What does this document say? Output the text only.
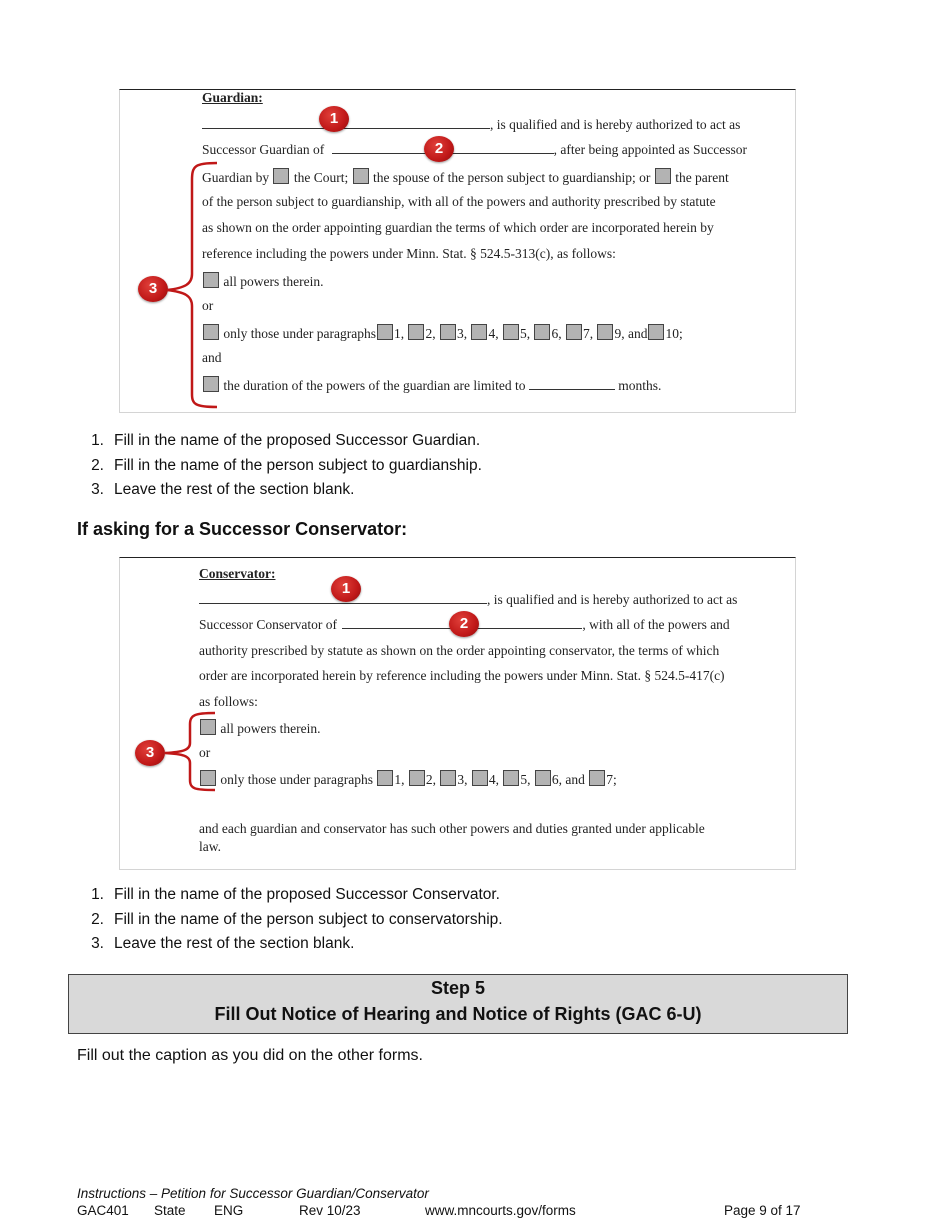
Guardian:
, is qualified and is hereby authorized to act as
Successor Guardian of	, after being appointed as Successor
Guardian by the Court; the spouse of the person subject to guardianship; or the parent
of the person subject to guardianship, with all of the powers and authority prescribed by statute
as shown on the order appointing guardian the terms of which order are incorporated herein by
reference including the powers under Minn. Stat. § 524.5-313(c), as follows:
all powers therein.
or
only those under paragraphs 1, 2, 3, 4, 5, 6, 7, 9, and 10;
and
the duration of the powers of the guardian are limited to	months.
1
2
3
1. Fill in the name of the proposed Successor Guardian.
2. Fill in the name of the person subject to guardianship.
3. Leave the rest of the section blank.
If asking for a Successor Conservator:
Conservator:
, is qualified and is hereby authorized to act as
Successor Conservator of	, with all of the powers and
authority prescribed by statute as shown on the order appointing conservator, the terms of which
order are incorporated herein by reference including the powers under Minn. Stat. § 524.5-417(c)
as follows:
all powers therein.
or
only those under paragraphs 1, 2, 3, 4, 5, 6, and 7;
and each guardian and conservator has such other powers and duties granted under applicable
law.
1
2
3
1. Fill in the name of the proposed Successor Conservator.
2. Fill in the name of the person subject to conservatorship.
3. Leave the rest of the section blank.
Step 5
Fill Out Notice of Hearing and Notice of Rights (GAC 6-U)
Fill out the caption as you did on the other forms.
Instructions – Petition for Successor Guardian/Conservator
GAC401 State ENG	Rev 10/23	www.mncourts.gov/forms	Page 9 of 17
